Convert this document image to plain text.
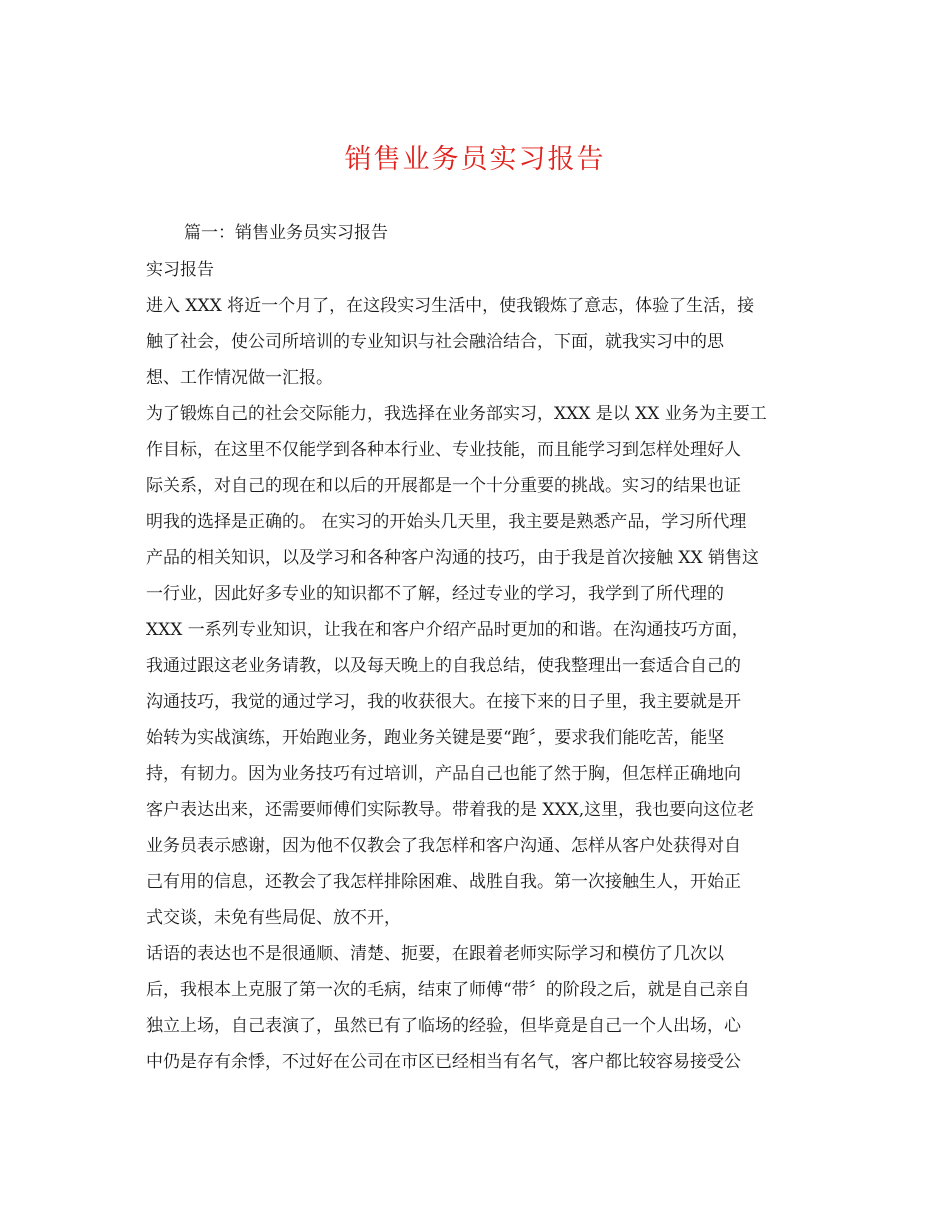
销售业务员实习报告
篇一：销售业务员实习报告
实习报告
进入 XXX 将近一个月了，在这段实习生活中，使我锻炼了意志，体验了生活，接
触了社会，使公司所培训的专业知识与社会融洽结合，下面，就我实习中的思
想、工作情况做一汇报。
为了锻炼自己的社会交际能力，我选择在业务部实习，XXX 是以 XX 业务为主要工
作目标，在这里不仅能学到各种本行业、专业技能，而且能学习到怎样处理好人
际关系，对自己的现在和以后的开展都是一个十分重要的挑战。实习的结果也证
明我的选择是正确的。 在实习的开始头几天里，我主要是熟悉产品，学习所代理
产品的相关知识，以及学习和各种客户沟通的技巧，由于我是首次接触 XX 销售这
一行业，因此好多专业的知识都不了解，经过专业的学习，我学到了所代理的
XXX 一系列专业知识，让我在和客户介绍产品时更加的和谐。在沟通技巧方面，
我通过跟这老业务请教，以及每天晚上的自我总结，使我整理出一套适合自己的
沟通技巧，我觉的通过学习，我的收获很大。在接下来的日子里，我主要就是开
始转为实战演练，开始跑业务，跑业务关键是要“跑〞，要求我们能吃苦，能坚
持，有韧力。因为业务技巧有过培训，产品自己也能了然于胸，但怎样正确地向
客户表达出来，还需要师傅们实际教导。带着我的是 XXX,这里，我也要向这位老
业务员表示感谢，因为他不仅教会了我怎样和客户沟通、怎样从客户处获得对自
己有用的信息，还教会了我怎样排除困难、战胜自我。第一次接触生人，开始正
式交谈，未免有些局促、放不开，
话语的表达也不是很通顺、清楚、扼要，在跟着老师实际学习和模仿了几次以
后，我根本上克服了第一次的毛病，结束了师傅“带〞的阶段之后，就是自己亲自
独立上场，自己表演了，虽然已有了临场的经验，但毕竟是自己一个人出场，心
中仍是存有余悸，不过好在公司在市区已经相当有名气，客户都比较容易接受公
